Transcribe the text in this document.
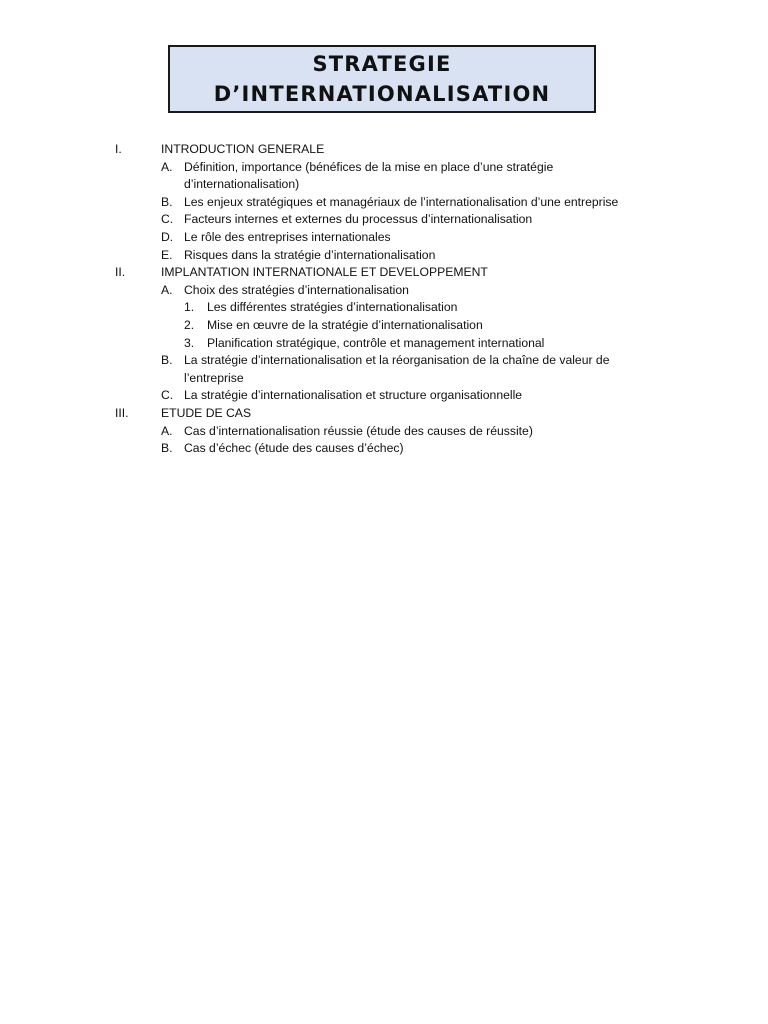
STRATEGIE
D’INTERNATIONALISATION
I.	INTRODUCTION GENERALE
A. Définition, importance (bénéfices de la mise en place d’une stratégie
d’internationalisation)
B. Les enjeux stratégiques et managériaux de l’internationalisation d’une entreprise
C. Facteurs internes et externes du processus d’internationalisation
D. Le rôle des entreprises internationales
E. Risques dans la stratégie d’internationalisation
II.	IMPLANTATION INTERNATIONALE ET DEVELOPPEMENT
A. Choix des stratégies d’internationalisation
1. Les différentes stratégies d’internationalisation
2. Mise en œuvre de la stratégie d’internationalisation
3. Planification stratégique, contrôle et management international
B. La stratégie d’internationalisation et la réorganisation de la chaîne de valeur de
l’entreprise
C. La stratégie d’internationalisation et structure organisationnelle
III.	ETUDE DE CAS
A. Cas d’internationalisation réussie (étude des causes de réussite)
B. Cas d’échec (étude des causes d’échec)
